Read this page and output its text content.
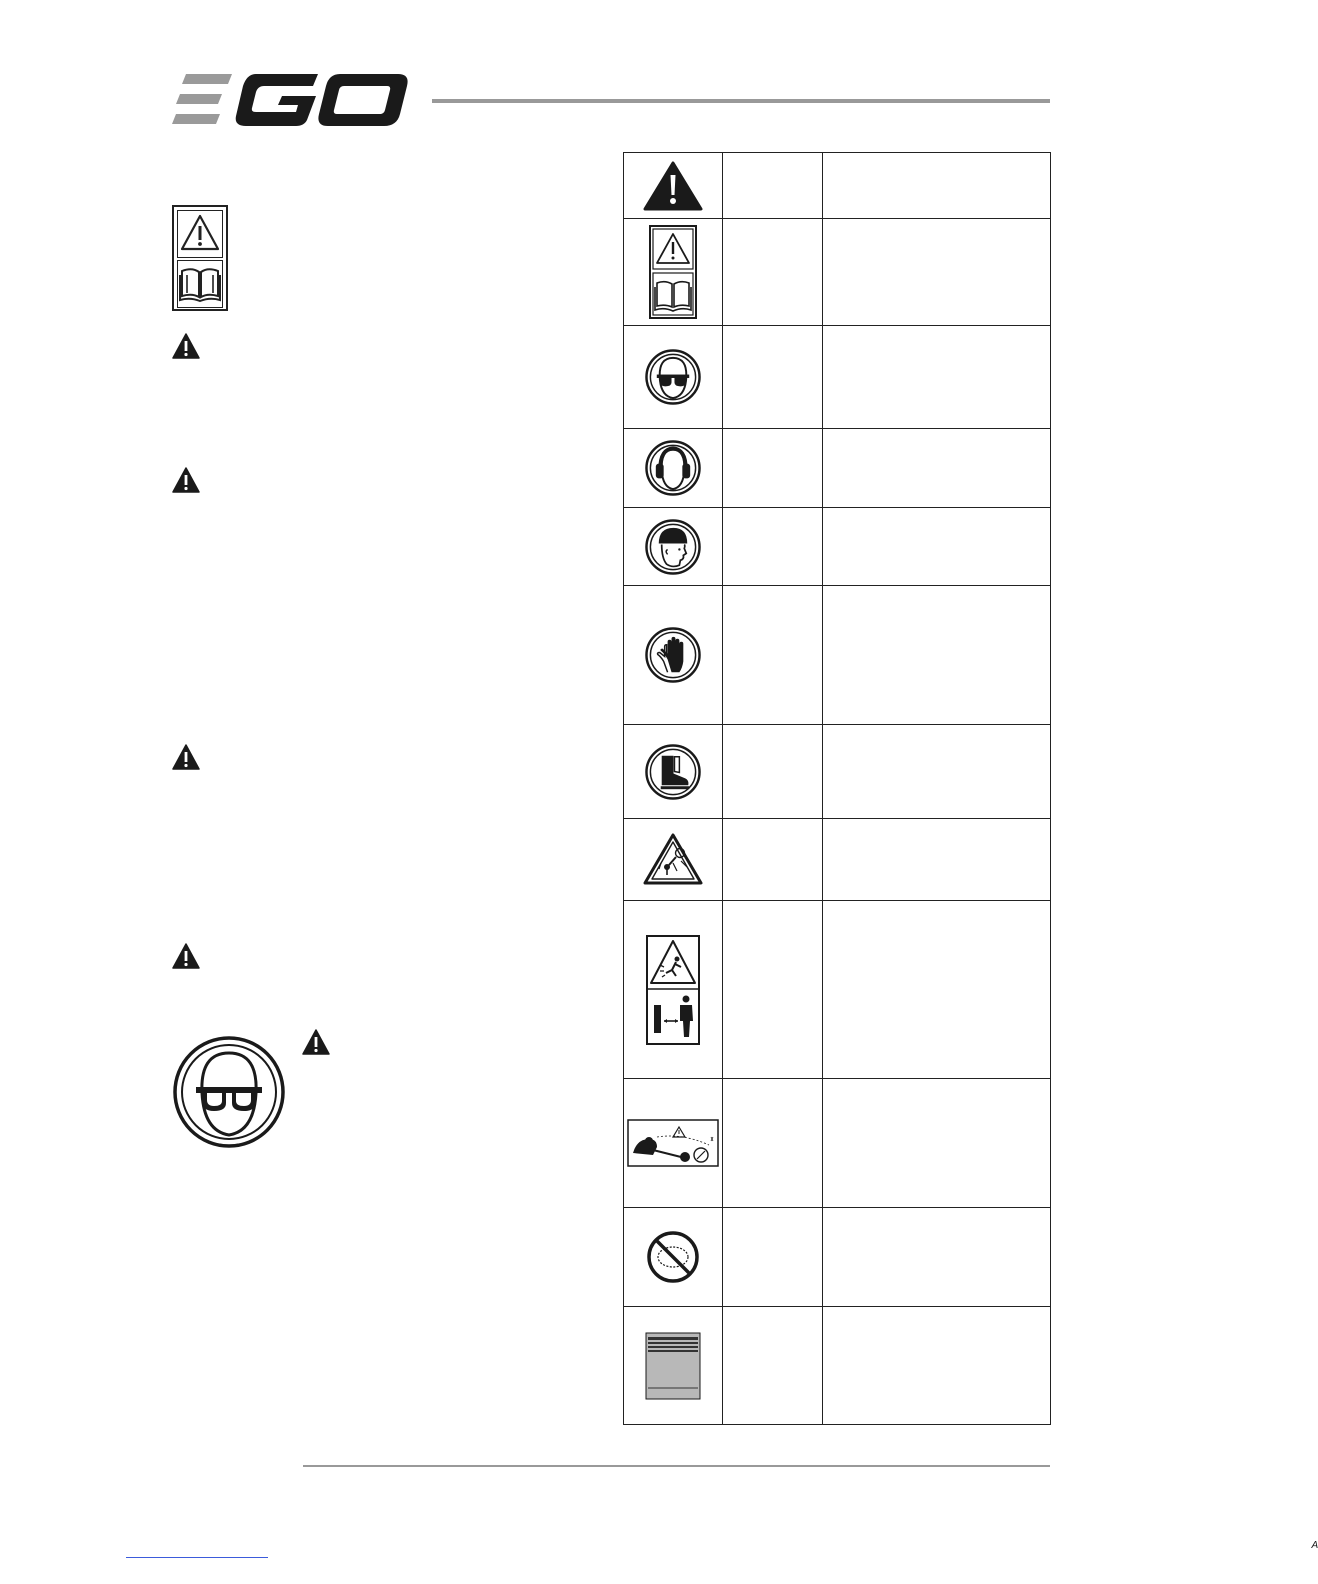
A		
